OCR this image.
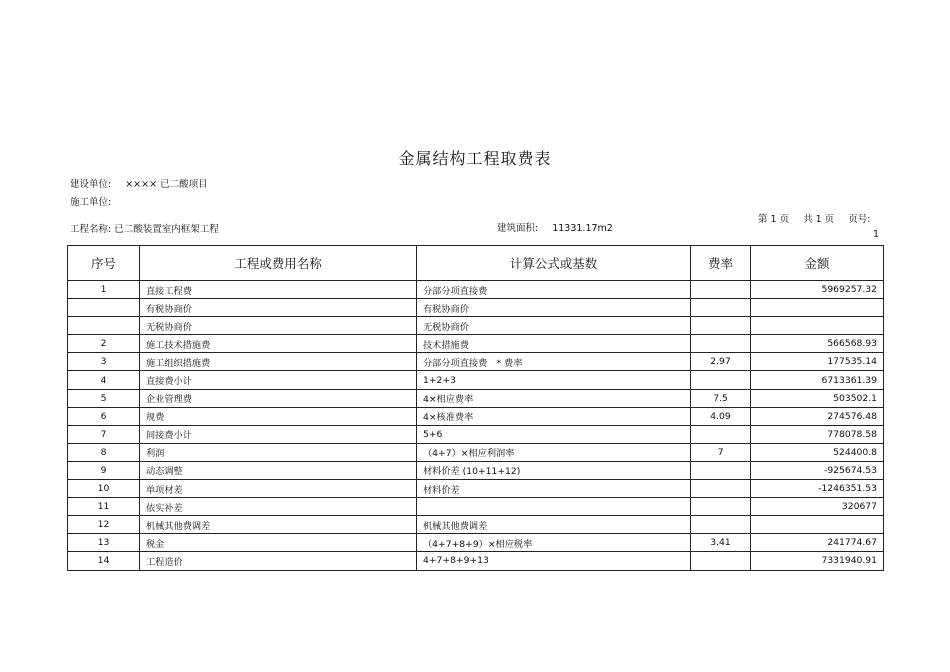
金属结构工程取费表
建设单位: ×××× 已二酸项目
施工单位:
工程名称: 已二酸装置室内框架工程	建筑面积: 11331.17m2
第 1 页 共 1 页 页号:
1
序号	工程或费用名称	计算公式或基数	费率	金额
1	直接工程费	分部分项直接费		5969257.32
	有税协商价	有税协商价		
	无税协商价	无税协商价		
2	施工技术措施费	技术措施费		566568.93
3	施工组织措施费	分部分项直接费　* 费率	2.97	177535.14
4	直接费小计	1+2+3		6713361.39
5	企业管理费	4×相应费率	7.5	503502.1
6	规费	4×核准费率	4.09	274576.48
7	间接费小计	5+6		778078.58
8	利润	（4+7）×相应利润率	7	524400.8
9	动态调整	材料价差 (10+11+12)		-925674.53
10	单项材差	材料价差		-1246351.53
11	依实补差			320677
12	机械其他费调差	机械其他费调差		
13	税金	（4+7+8+9）×相应税率	3.41	241774.67
14	工程造价	4+7+8+9+13		7331940.91
